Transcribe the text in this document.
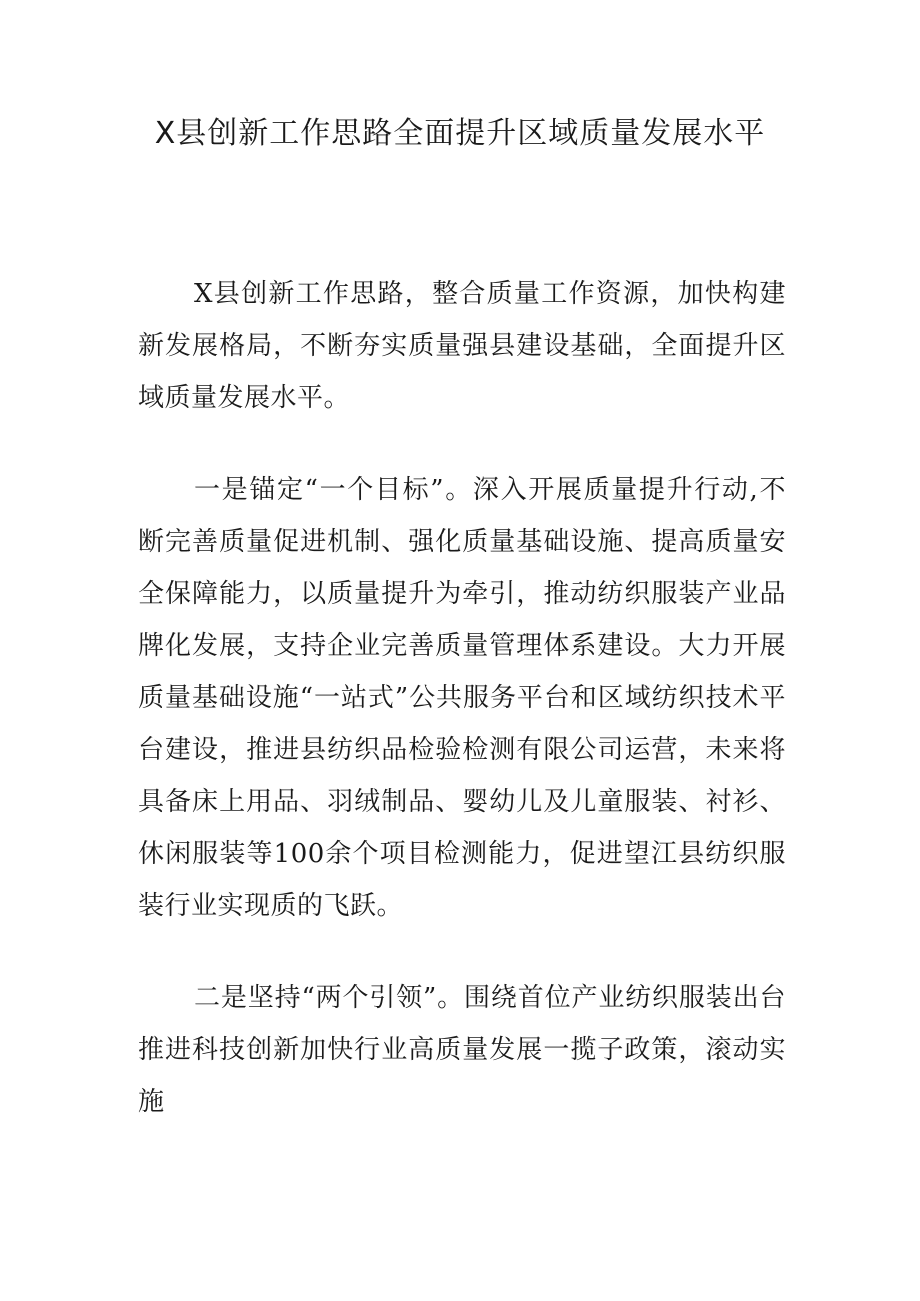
X县创新工作思路全面提升区域质量发展水平

X县创新工作思路，整合质量工作资源，加快构建新发展格局，不断夯实质量强县建设基础，全面提升区域质量发展水平。

一是锚定“一个目标”。深入开展质量提升行动,不断完善质量促进机制、强化质量基础设施、提高质量安全保障能力，以质量提升为牵引，推动纺织服装产业品牌化发展，支持企业完善质量管理体系建设。大力开展质量基础设施“一站式”公共服务平台和区域纺织技术平台建设，推进县纺织品检验检测有限公司运营，未来将具备床上用品、羽绒制品、婴幼儿及儿童服装、衬衫、休闲服装等100余个项目检测能力，促进望江县纺织服装行业实现质的飞跃。

二是坚持“两个引领”。围绕首位产业纺织服装出台推进科技创新加快行业高质量发展一揽子政策，滚动实施
